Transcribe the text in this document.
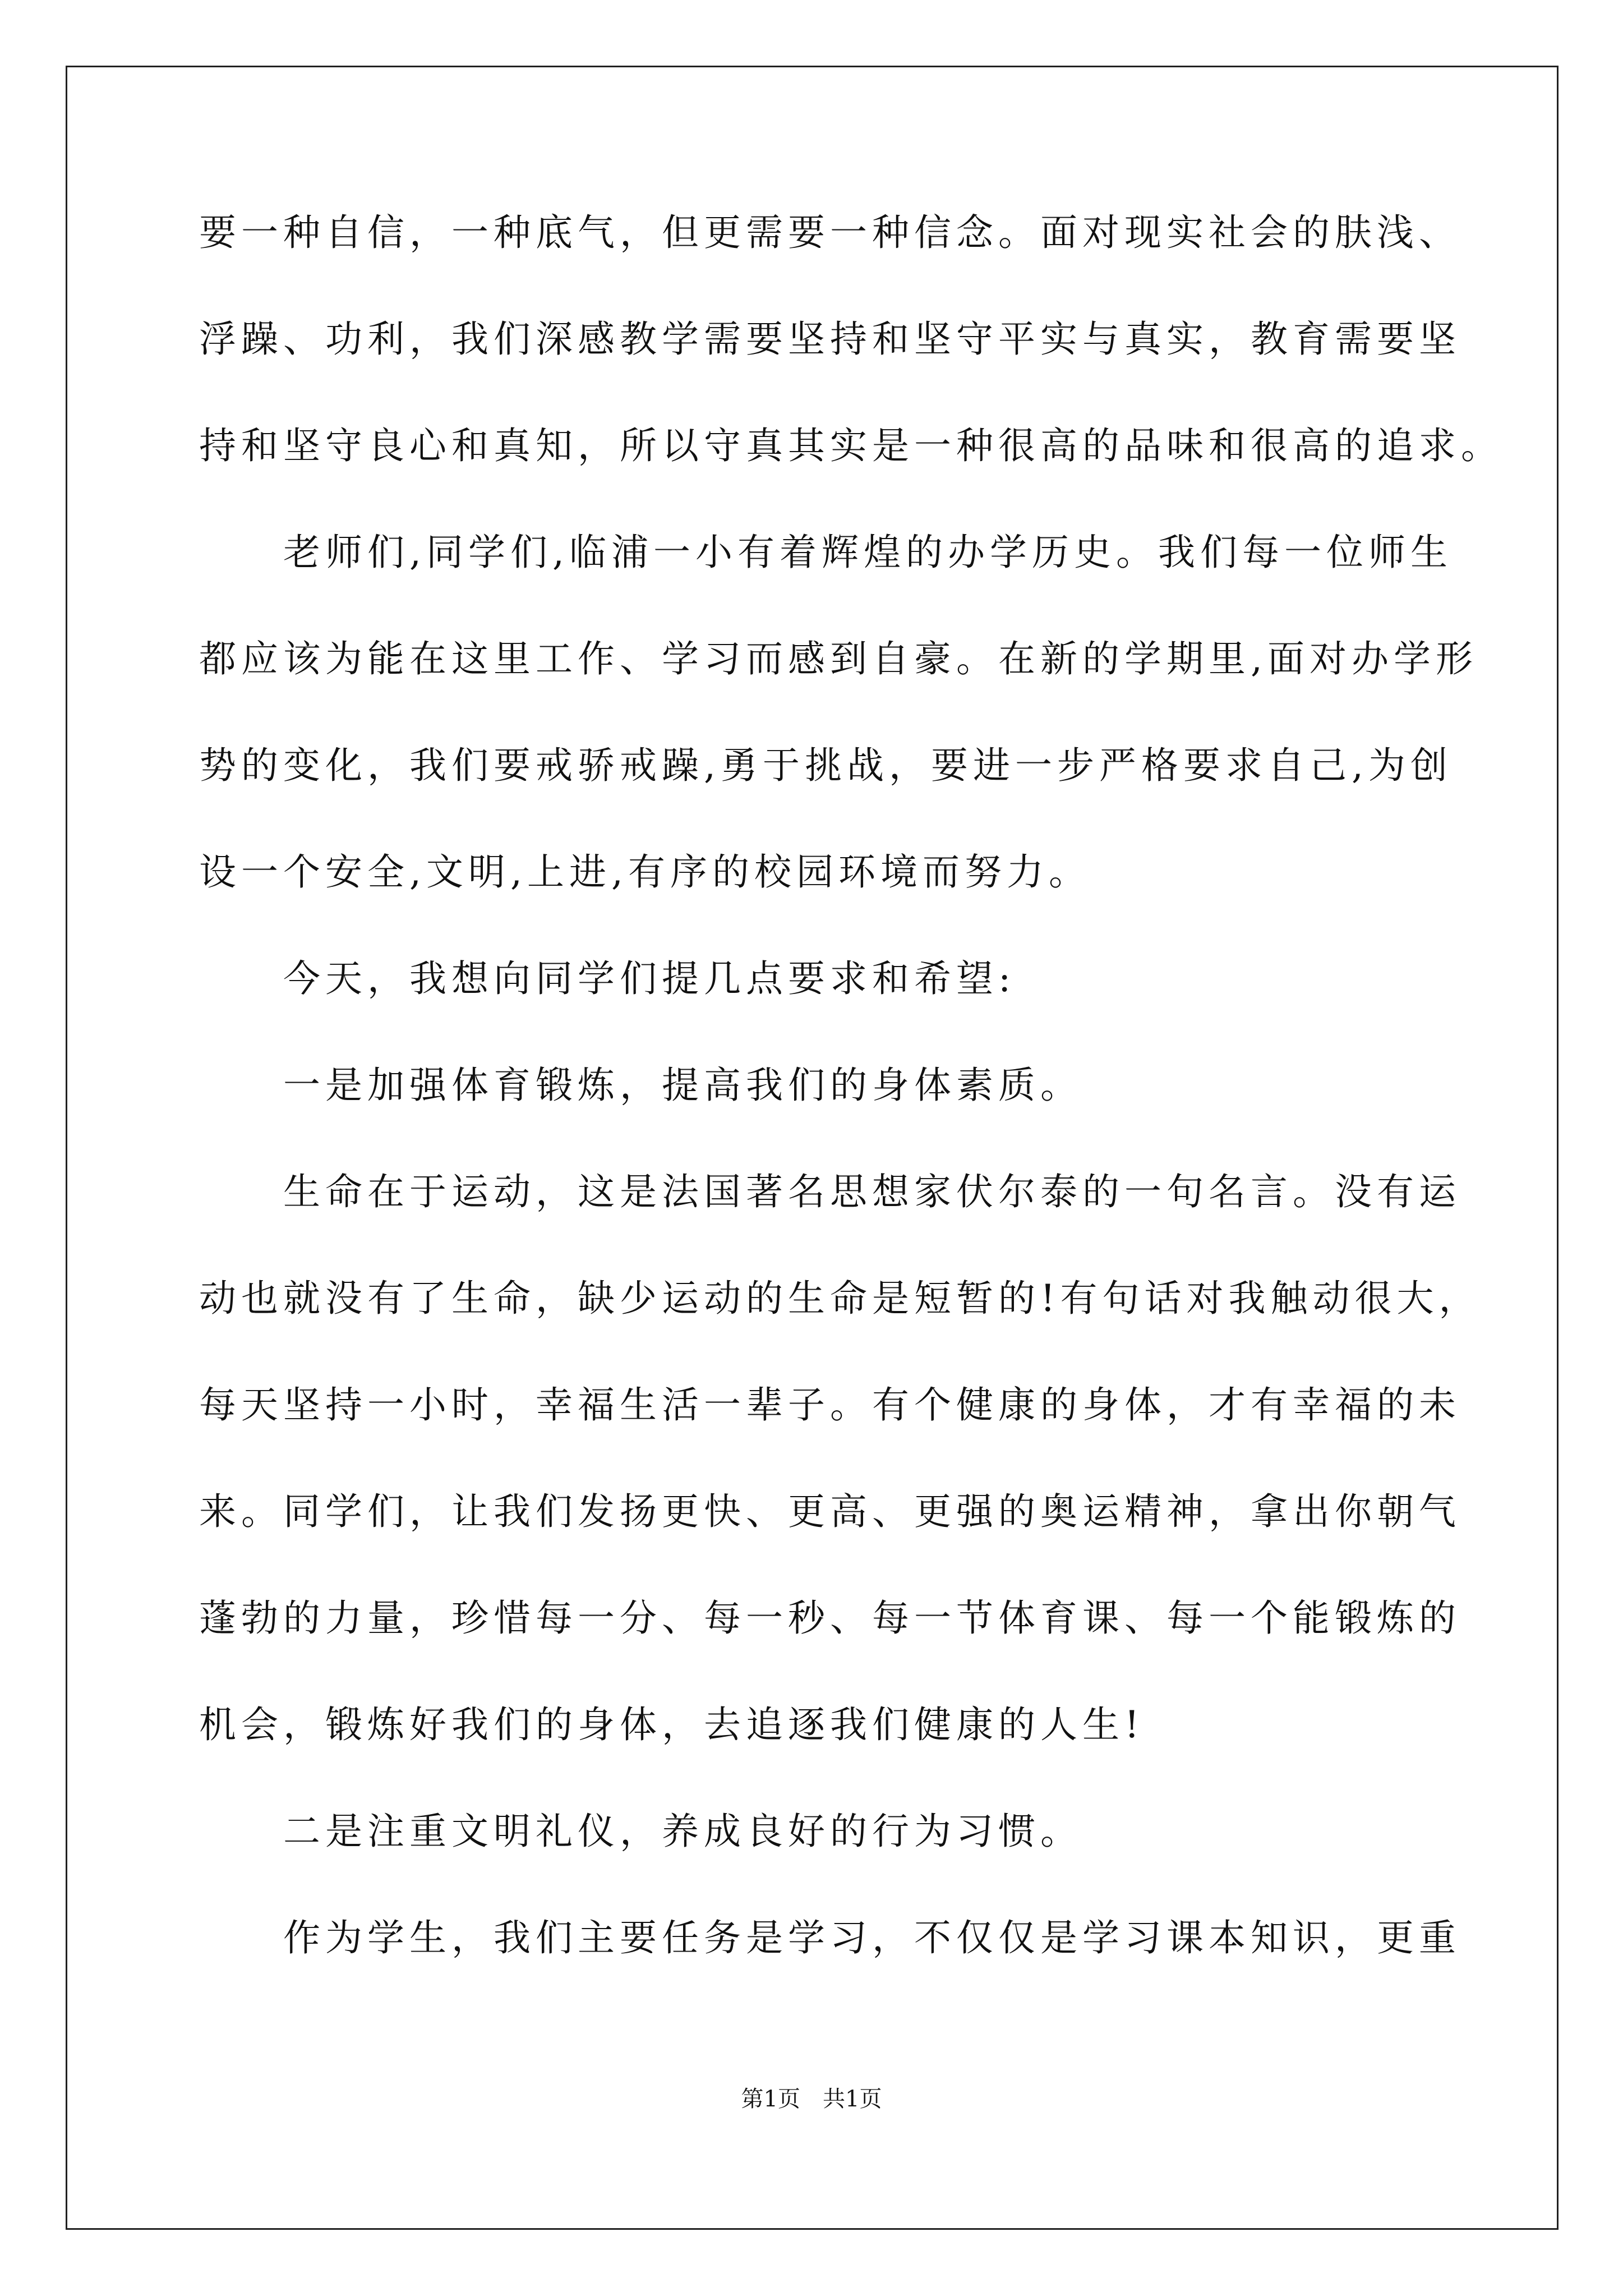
要一种自信，一种底气，但更需要一种信念。面对现实社会的肤浅、
浮躁、功利，我们深感教学需要坚持和坚守平实与真实，教育需要坚
持和坚守良心和真知，所以守真其实是一种很高的品味和很高的追求。
　　老师们,同学们,临浦一小有着辉煌的办学历史。我们每一位师生
都应该为能在这里工作、学习而感到自豪。在新的学期里,面对办学形
势的变化，我们要戒骄戒躁,勇于挑战，要进一步严格要求自己,为创
设一个安全,文明,上进,有序的校园环境而努力。
　　今天，我想向同学们提几点要求和希望:
　　一是加强体育锻炼，提高我们的身体素质。
　　生命在于运动，这是法国著名思想家伏尔泰的一句名言。没有运
动也就没有了生命，缺少运动的生命是短暂的!有句话对我触动很大，
每天坚持一小时，幸福生活一辈子。有个健康的身体，才有幸福的未
来。同学们，让我们发扬更快、更高、更强的奥运精神，拿出你朝气
蓬勃的力量，珍惜每一分、每一秒、每一节体育课、每一个能锻炼的
机会，锻炼好我们的身体，去追逐我们健康的人生!
　　二是注重文明礼仪，养成良好的行为习惯。
　　作为学生，我们主要任务是学习，不仅仅是学习课本知识，更重
第1页　共1页
